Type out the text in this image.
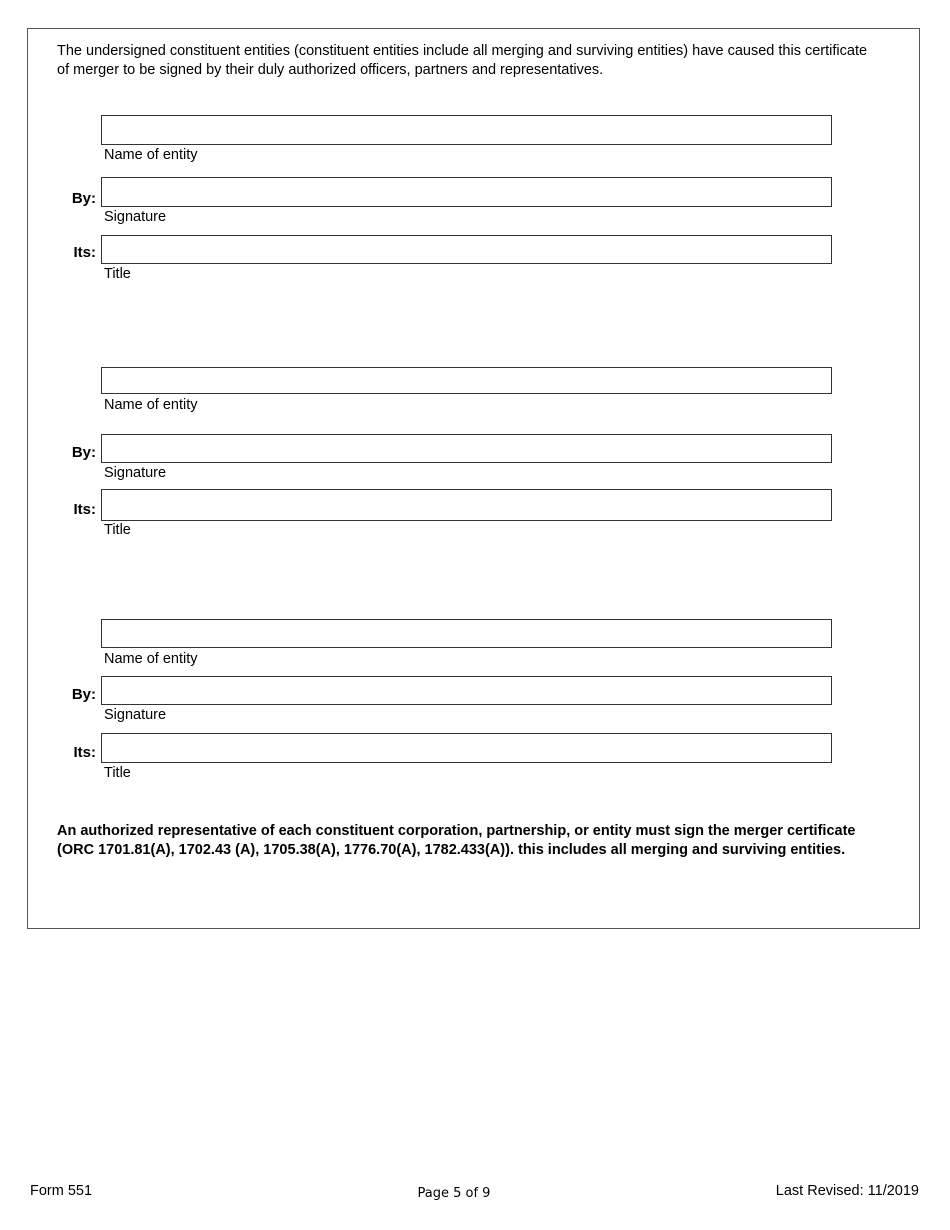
The undersigned constituent entities (constituent entities include all merging and surviving entities) have caused this certificate of merger to be signed by their duly authorized officers, partners and representatives.
Name of entity
By:
Signature
Its:
Title
Name of entity
By:
Signature
Its:
Title
Name of entity
By:
Signature
Its:
Title
An authorized representative of each constituent corporation, partnership, or entity must sign the merger certificate (ORC 1701.81(A), 1702.43 (A), 1705.38(A), 1776.70(A), 1782.433(A)). this includes all merging and surviving entities.
Form 551	Page 5 of 9	Last Revised: 11/2019
